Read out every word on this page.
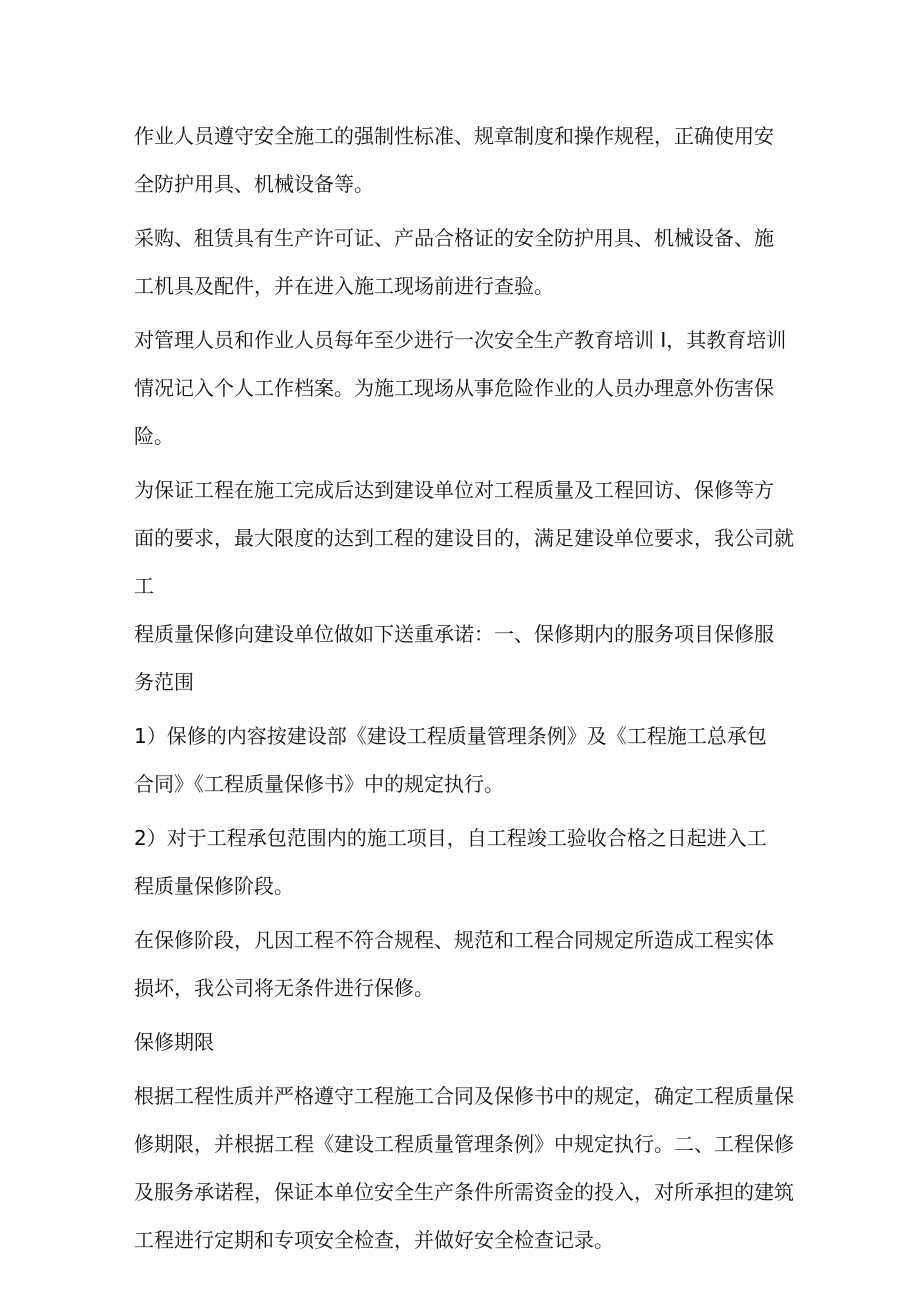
作业人员遵守安全施工的强制性标准、规章制度和操作规程，正确使用安
全防护用具、机械设备等。

采购、租赁具有生产许可证、产品合格证的安全防护用具、机械设备、施
工机具及配件，并在进入施工现场前进行查验。

对管理人员和作业人员每年至少进行一次安全生产教育培训 I，其教育培训
情况记入个人工作档案。为施工现场从事危险作业的人员办理意外伤害保
险。

为保证工程在施工完成后达到建设单位对工程质量及工程回访、保修等方
面的要求，最大限度的达到工程的建设目的，满足建设单位要求，我公司就工
程质量保修向建设单位做如下送重承诺：一、保修期内的服务项目保修服
务范围

1）保修的内容按建设部《建设工程质量管理条例》及《工程施工总承包
合同》《工程质量保修书》中的规定执行。

2）对于工程承包范围内的施工项目，自工程竣工验收合格之日起进入工
程质量保修阶段。

在保修阶段，凡因工程不符合规程、规范和工程合同规定所造成工程实体
损坏，我公司将无条件进行保修。

保修期限

根据工程性质并严格遵守工程施工合同及保修书中的规定，确定工程质量保
修期限，并根据工程《建设工程质量管理条例》中规定执行。二、工程保修
及服务承诺程，保证本单位安全生产条件所需资金的投入，对所承担的建筑
工程进行定期和专项安全检查，并做好安全检查记录。
